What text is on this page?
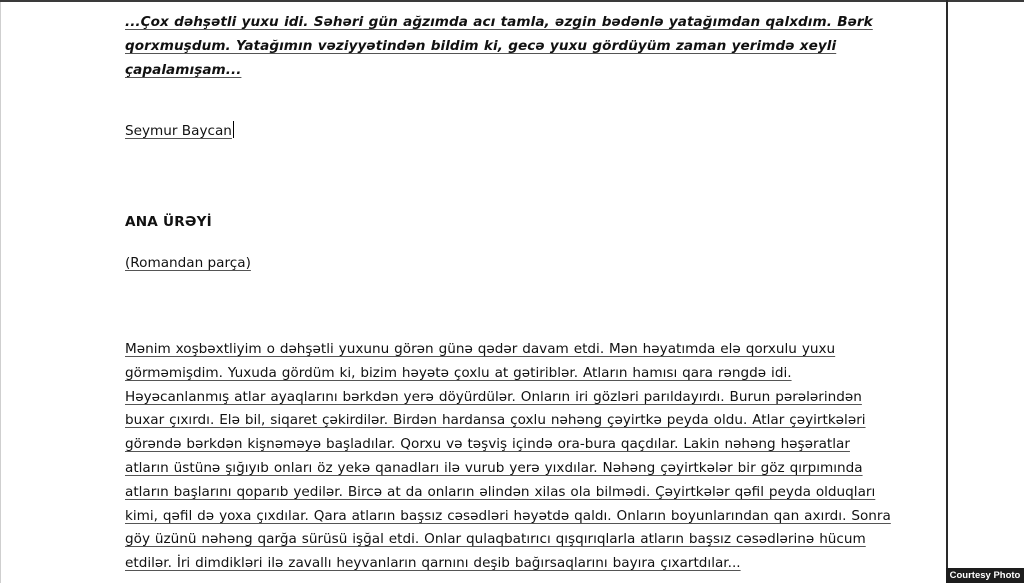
...Çox dəhşətli yuxu idi. Səhəri gün ağzımda acı tamla, əzgin bədənlə yatağımdan qalxdım. Bərk qorxmuşdum. Yatağımın vəziyyətindən bildim ki, gecə yuxu gördüyüm zaman yerimdə xeyli çapalamışam...

Seymur Baycan
ANA ÜRƏYİ
(Romandan parça)
Mənim xoşbəxtliyim o dəhşətli yuxunu görən günə qədər davam etdi. Mən həyatımda elə qorxulu yuxu
görməmişdim. Yuxuda gördüm ki, bizim həyətə çoxlu at gətiriblər. Atların hamısı qara rəngdə idi.
Həyəcanlanmış atlar ayaqlarını bərkdən yerə döyürdülər. Onların iri gözləri parıldayırdı. Burun pərələrindən
buxar çıxırdı. Elə bil, siqaret çəkirdilər. Birdən hardansa çoxlu nəhəng çəyirtkə peyda oldu. Atlar çəyirtkələri
görəndə bərkdən kişnəməyə başladılar. Qorxu və təşviş içində ora-bura qaçdılar. Lakin nəhəng həşəratlar
atların üstünə şığıyıb onları öz yekə qanadları ilə vurub yerə yıxdılar. Nəhəng çəyirtkələr bir göz qırpımında
atların başlarını qoparıb yedilər. Bircə at da onların əlindən xilas ola bilmədi. Çəyirtkələr qəfil peyda olduqları
kimi, qəfil də yoxa çıxdılar. Qara atların başsız cəsədləri həyətdə qaldı. Onların boyunlarından qan axırdı. Sonra
göy üzünü nəhəng qarğa sürüsü işğal etdi. Onlar qulaqbatırıcı qışqırıqlarla atların başsız cəsədlərinə hücum
etdilər. İri dimdikləri ilə zavallı heyvanların qarnını deşib bağırsaqlarını bayıra çıxartdılar...
Courtesy Photo
